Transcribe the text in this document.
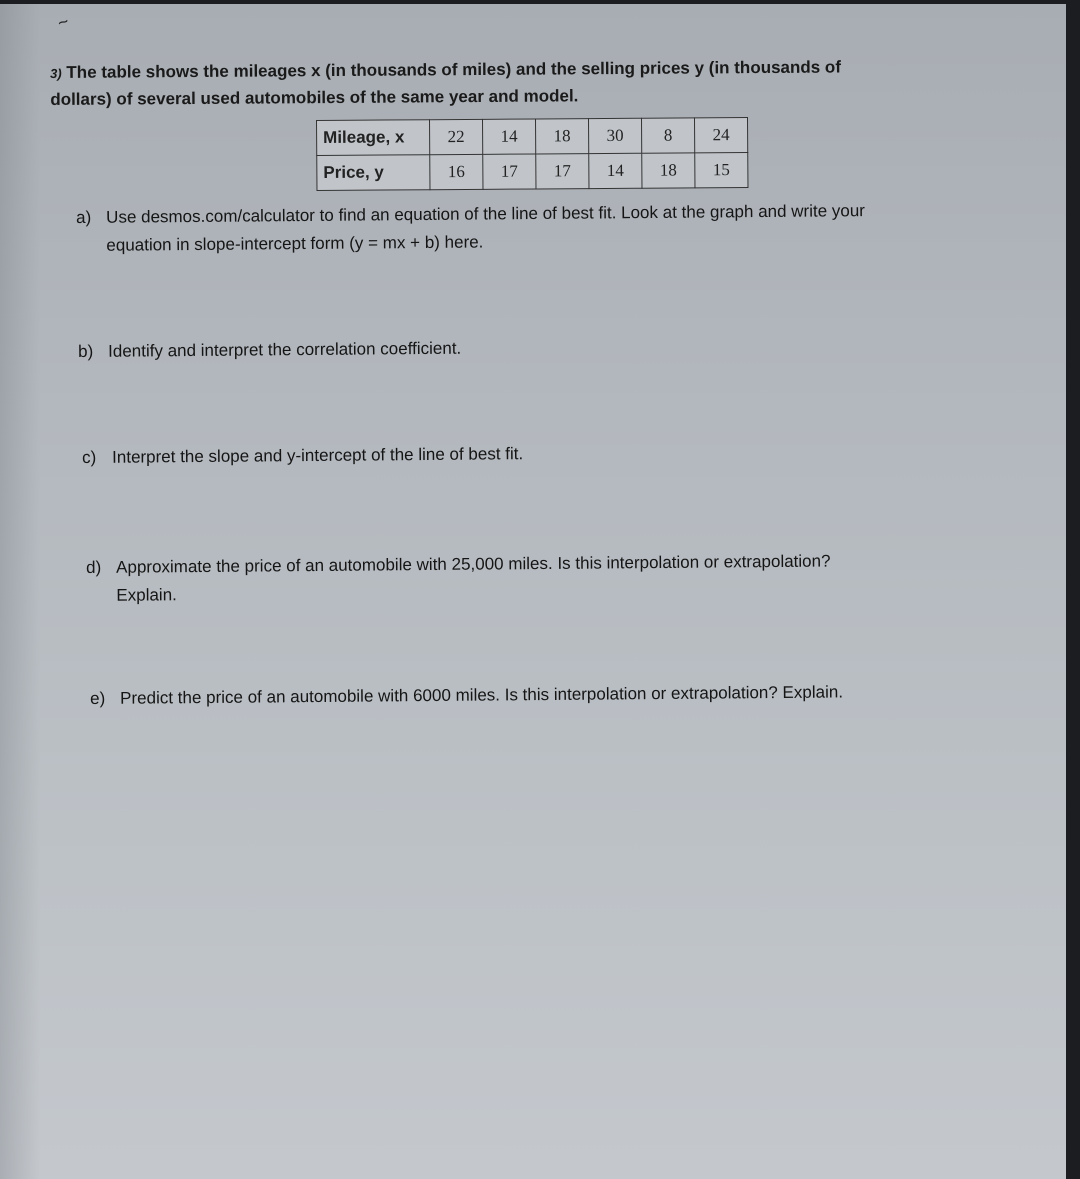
~
3) The table shows the mileages x (in thousands of miles) and the selling prices y (in thousands of
dollars) of several used automobiles of the same year and model.
Mileage, x	22	14	18	30	8	24
Price, y	16	17	17	14	18	15
a) Use desmos.com/calculator to find an equation of the line of best fit. Look at the graph and write your
equation in slope-intercept form (y = mx + b) here.
b) Identify and interpret the correlation coefficient.
c) Interpret the slope and y-intercept of the line of best fit.
d) Approximate the price of an automobile with 25,000 miles. Is this interpolation or extrapolation?
Explain.
e) Predict the price of an automobile with 6000 miles. Is this interpolation or extrapolation? Explain.
